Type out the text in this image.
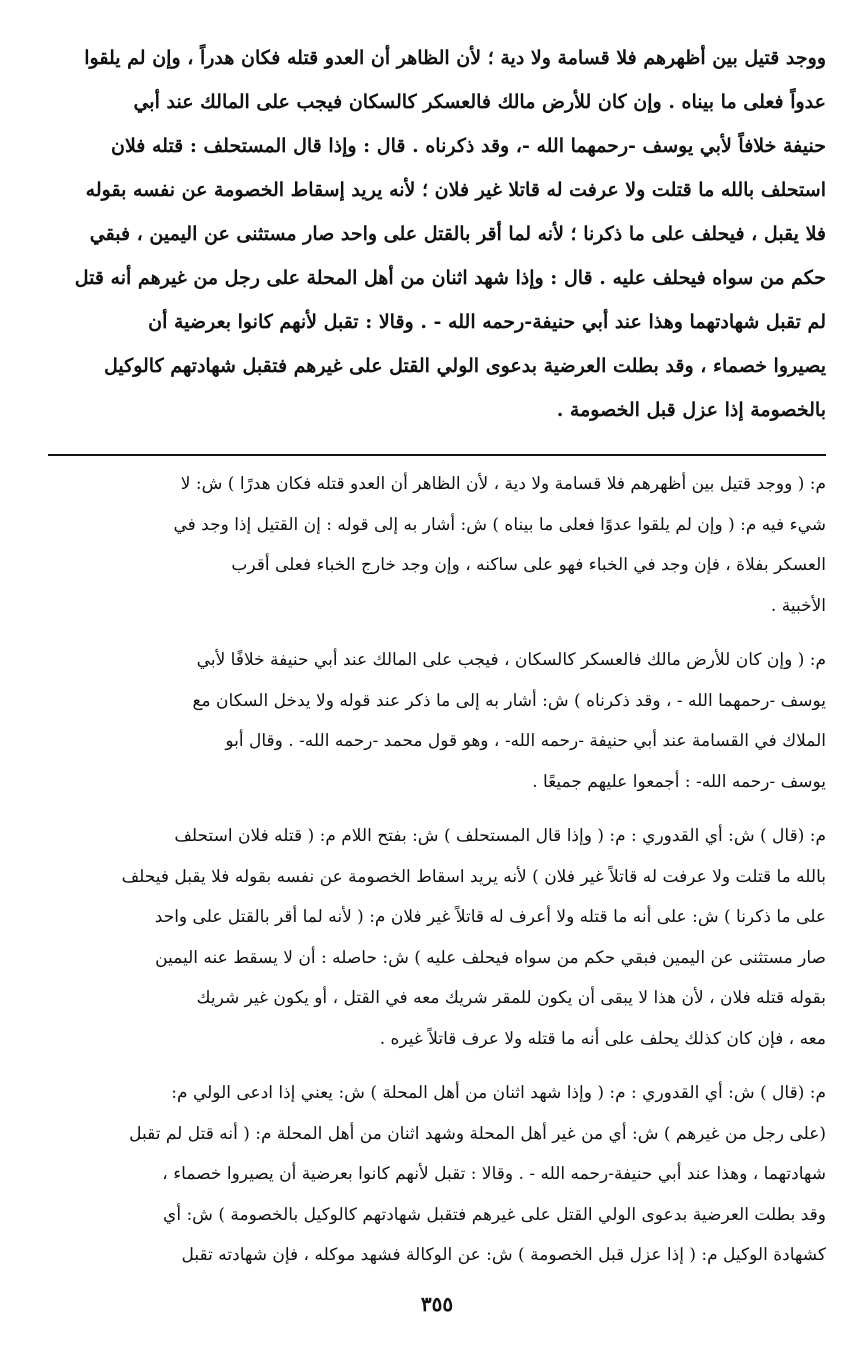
ووجد قتيل بين أظهرهم فلا قسامة ولا دية ؛ لأن الظاهر أن العدو قتله فكان هدراً ، وإن لم يلقوا
عدواً فعلى ما بيناه . وإن كان للأرض مالك فالعسكر كالسكان فيجب على المالك عند أبي
حنيفة خلافاً لأبي يوسف -رحمهما الله -، وقد ذكرناه . قال : وإذا قال المستحلف : قتله فلان
استحلف بالله ما قتلت ولا عرفت له قاتلا غير فلان ؛ لأنه يريد إسقاط الخصومة عن نفسه بقوله
فلا يقبل ، فيحلف على ما ذكرنا ؛ لأنه لما أقر بالقتل على واحد صار مستثنى عن اليمين ، فبقي
حكم من سواه فيحلف عليه . قال : وإذا شهد اثنان من أهل المحلة على رجل من غيرهم أنه قتل
لم تقبل شهادتهما وهذا عند أبي حنيفة-رحمه الله - . وقالا : تقبل لأنهم كانوا بعرضية أن
يصيروا خصماء ، وقد بطلت العرضية بدعوى الولي القتل على غيرهم فتقبل شهادتهم كالوكيل
بالخصومة إذا عزل قبل الخصومة .

م: ( ووجد قتيل بين أظهرهم فلا قسامة ولا دية ، لأن الظاهر أن العدو قتله فكان هدرًا ) ش: لا
شيء فيه م: ( وإن لم يلقوا عدوًا فعلى ما بيناه ) ش: أشار به إلى قوله : إن القتيل إذا وجد في
العسكر بفلاة ، فإن وجد في الخباء فهو على ساكنه ، وإن وجد خارج الخباء فعلى أقرب
الأخبية .

م: ( وإن كان للأرض مالك فالعسكر كالسكان ، فيجب على المالك عند أبي حنيفة خلافًا لأبي
يوسف -رحمهما الله - ، وقد ذكرناه ) ش: أشار به إلى ما ذكر عند قوله ولا يدخل السكان مع
الملاك في القسامة عند أبي حنيفة -رحمه الله- ، وهو قول محمد -رحمه الله- . وقال أبو
يوسف -رحمه الله- : أجمعوا عليهم جميعًا .

م: (قال ) ش: أي القدوري : م: ( وإذا قال المستحلف ) ش: بفتح اللام م: ( قتله فلان استحلف
بالله ما قتلت ولا عرفت له قاتلاً غير فلان ) لأنه يريد اسقاط الخصومة عن نفسه بقوله فلا يقبل فيحلف
على ما ذكرنا ) ش: على أنه ما قتله ولا أعرف له قاتلاً غير فلان م: ( لأنه لما أقر بالقتل على واحد
صار مستثنى عن اليمين فبقي حكم من سواه فيحلف عليه ) ش: حاصله : أن لا يسقط عنه اليمين
بقوله قتله فلان ، لأن هذا لا يبقى أن يكون للمقر شريك معه في القتل ، أو يكون غير شريك
معه ، فإن كان كذلك يحلف على أنه ما قتله ولا عرف قاتلاً غيره .

م: (قال ) ش: أي القدوري : م: ( وإذا شهد اثنان من أهل المحلة ) ش: يعني إذا ادعى الولي م:
(على رجل من غيرهم ) ش: أي من غير أهل المحلة وشهد اثنان من أهل المحلة م: ( أنه قتل لم تقبل
شهادتهما ، وهذا عند أبي حنيفة-رحمه الله - . وقالا : تقبل لأنهم كانوا بعرضية أن يصيروا خصماء ،
وقد بطلت العرضية بدعوى الولي القتل على غيرهم فتقبل شهادتهم كالوكيل بالخصومة ) ش: أي
كشهادة الوكيل م: ( إذا عزل قبل الخصومة ) ش: عن الوكالة فشهد موكله ، فإن شهادته تقبل

٣٥٥
